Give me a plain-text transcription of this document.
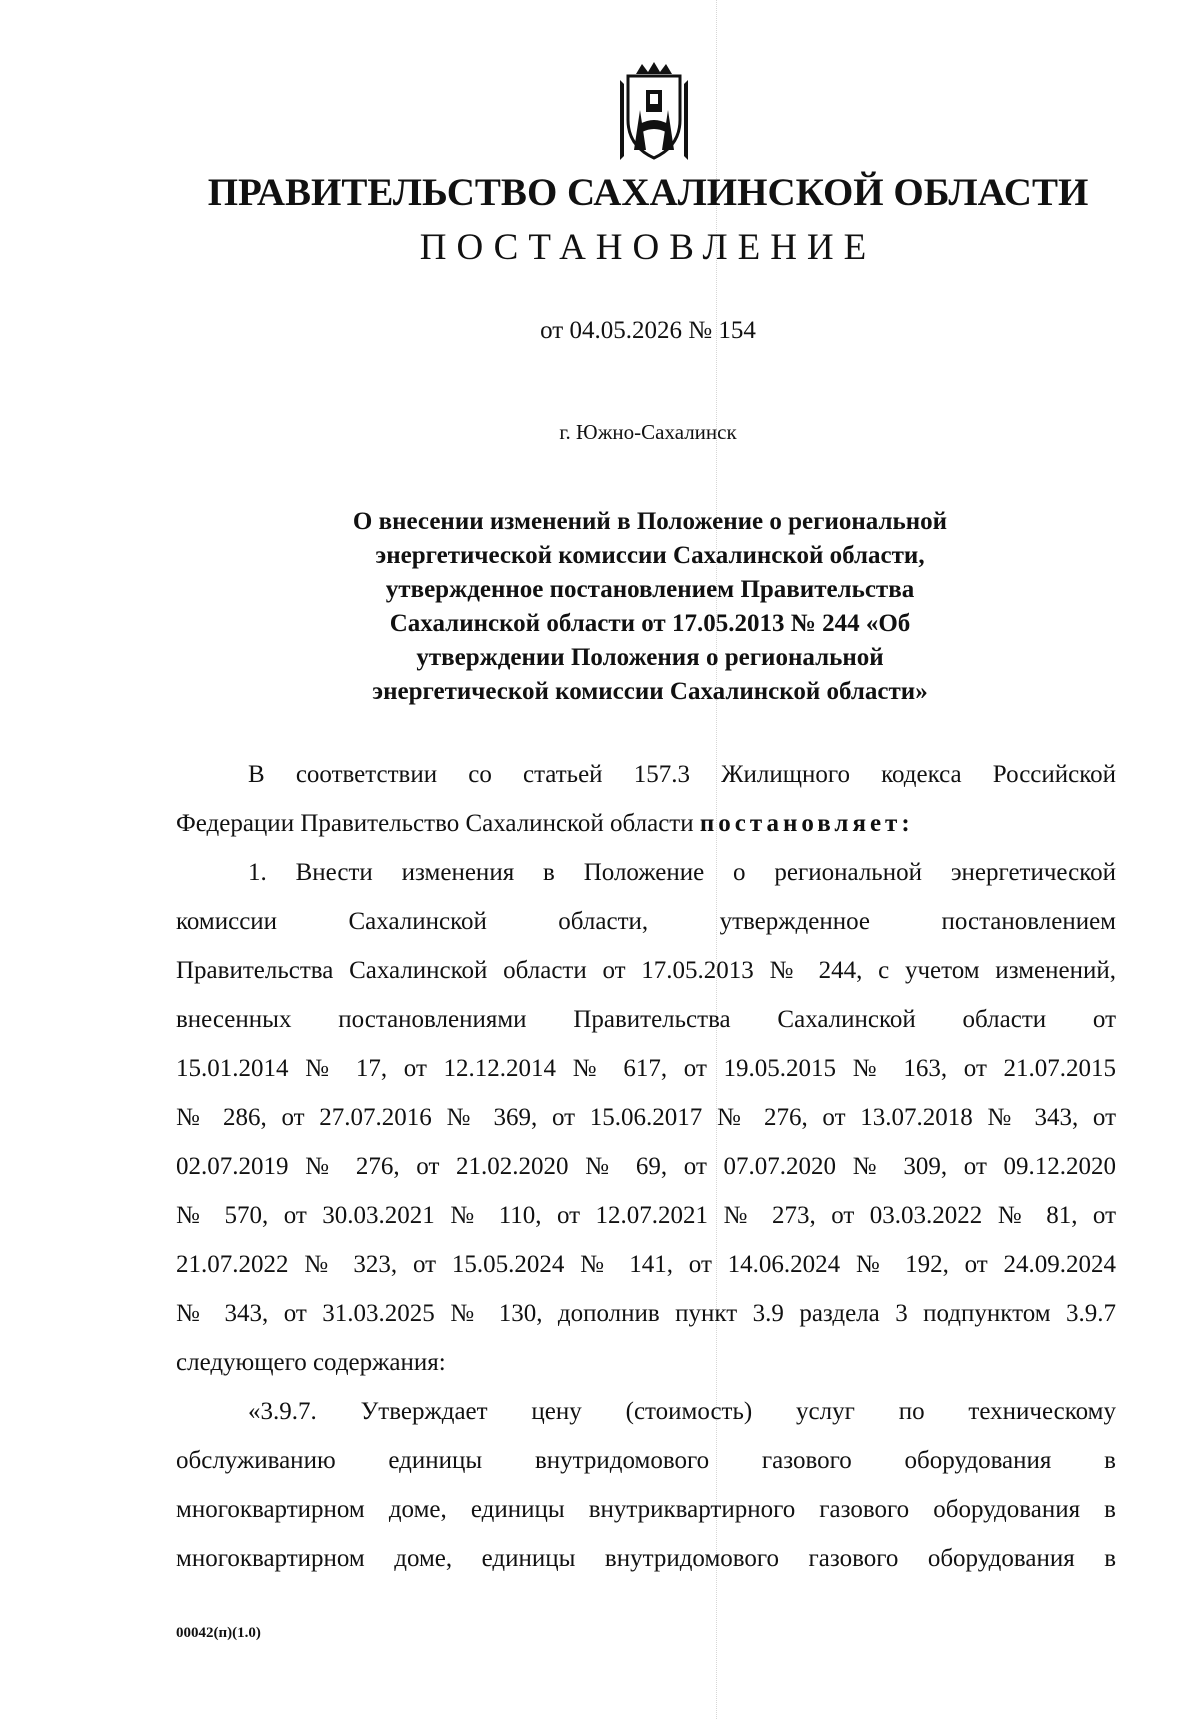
ПРАВИТЕЛЬСТВО САХАЛИНСКОЙ ОБЛАСТИ
ПОСТАНОВЛЕНИЕ
от 04.05.2026 № 154
г. Южно-Сахалинск
О внесении изменений в Положение о региональной
энергетической комиссии Сахалинской области,
утвержденное постановлением Правительства
Сахалинской области от 17.05.2013 № 244 «Об
утверждении Положения о региональной
энергетической комиссии Сахалинской области»
В соответствии со статьей 157.3 Жилищного кодекса Российской
Федерации Правительство Сахалинской области постановляет:
1. Внести изменения в Положение о региональной энергетической
комиссии Сахалинской области, утвержденное постановлением
Правительства Сахалинской области от 17.05.2013 № 244, с учетом изменений,
внесенных постановлениями Правительства Сахалинской области от
15.01.2014 № 17, от 12.12.2014 № 617, от 19.05.2015 № 163, от 21.07.2015
№ 286, от 27.07.2016 № 369, от 15.06.2017 № 276, от 13.07.2018 № 343, от
02.07.2019 № 276, от 21.02.2020 № 69, от 07.07.2020 № 309, от 09.12.2020
№ 570, от 30.03.2021 № 110, от 12.07.2021 № 273, от 03.03.2022 № 81, от
21.07.2022 № 323, от 15.05.2024 № 141, от 14.06.2024 № 192, от 24.09.2024
№ 343, от 31.03.2025 № 130, дополнив пункт 3.9 раздела 3 подпунктом 3.9.7
следующего содержания:
«3.9.7. Утверждает цену (стоимость) услуг по техническому
обслуживанию единицы внутридомового газового оборудования в
многоквартирном доме, единицы внутриквартирного газового оборудования в
многоквартирном доме, единицы внутридомового газового оборудования в
00042(п)(1.0)
